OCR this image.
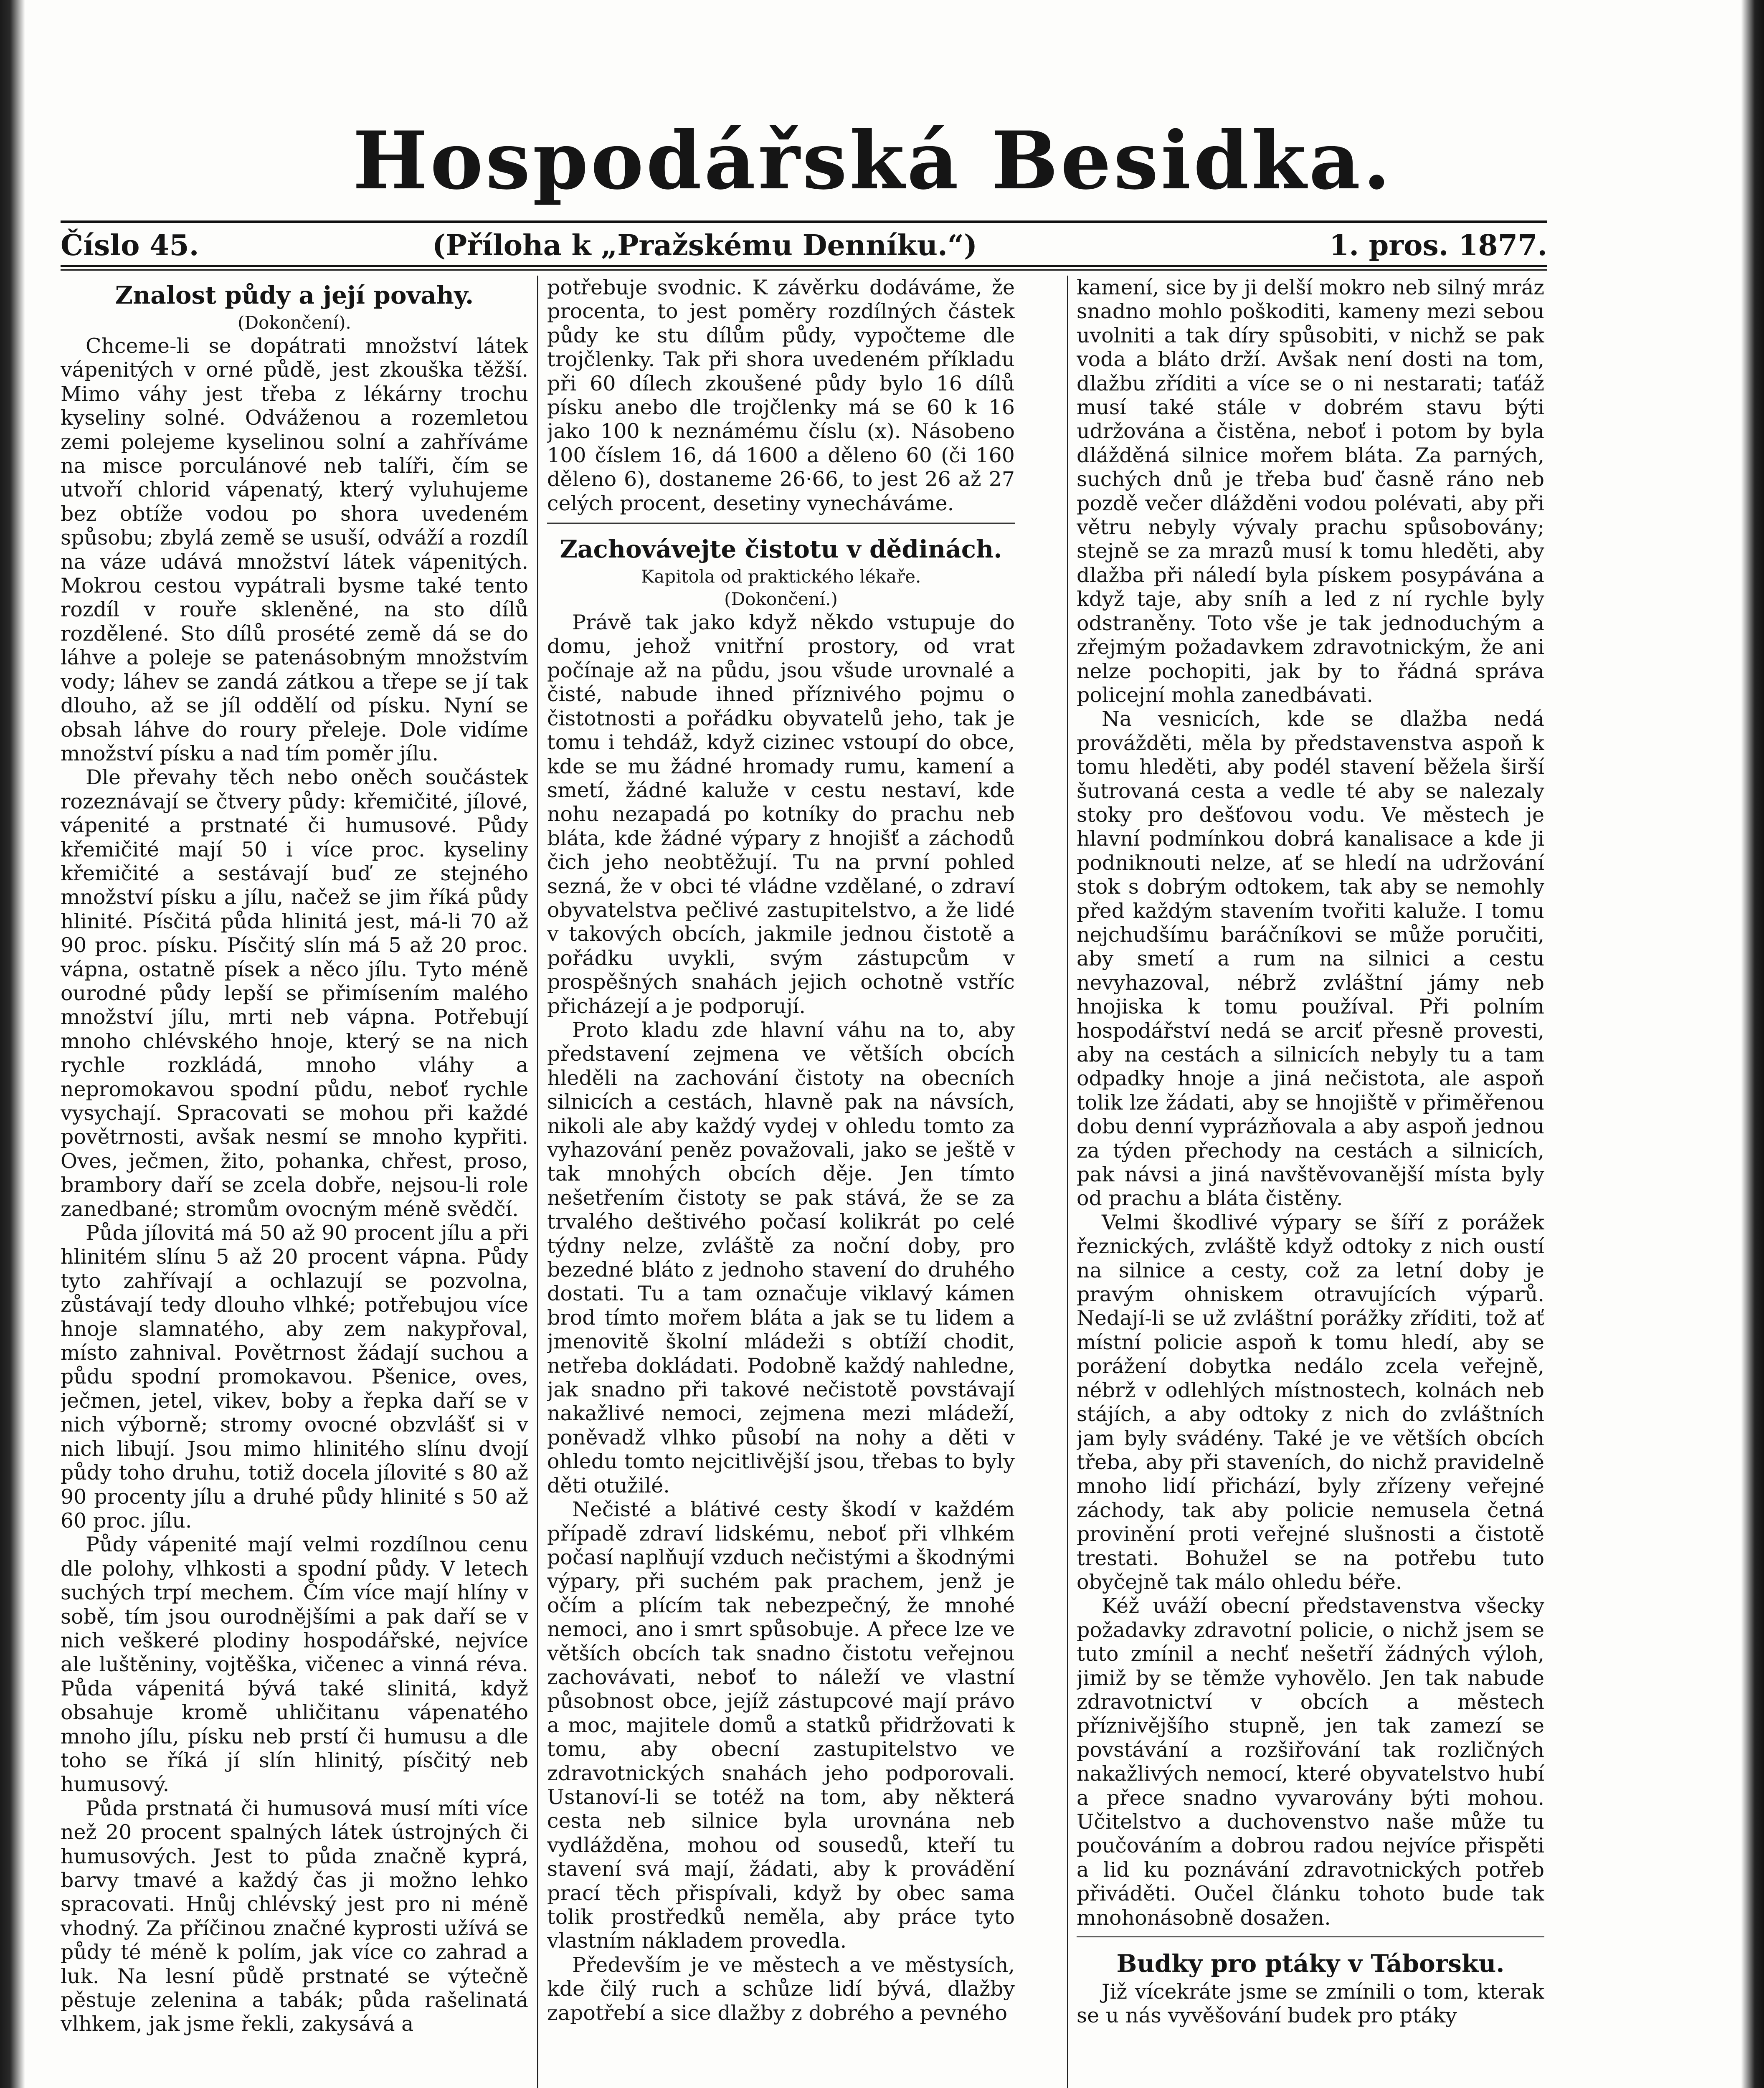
Hospodářská Besidka.
Číslo 45.	(Příloha k „Pražskému Denníku.“)	1. pros. 1877.
Znalost půdy a její povahy.
(Dokončení).

Chceme-li se dopátrati množství látek vápenitých v orné půdě, jest zkouška těžší. Mimo váhy jest třeba z lékárny trochu kyseliny solné. Odváženou a rozemletou zemi polejeme kyselinou solní a zahříváme na misce porculánové neb talíři, čím se utvoří chlorid vápenatý, který vyluhujeme bez obtíže vodou po shora uvedeném spůsobu; zbylá země se usuší, odváží a rozdíl na váze udává množství látek vápenitých. Mokrou cestou vypátrali bysme také tento rozdíl v rouře skleněné, na sto dílů rozdělené. Sto dílů prosété země dá se do láhve a poleje se patenásobným množstvím vody; láhev se zandá zátkou a třepe se jí tak dlouho, až se jíl oddělí od písku. Nyní se obsah láhve do roury přeleje. Dole vidíme množství písku a nad tím poměr jílu.

Dle převahy těch nebo oněch součástek rozeznávají se čtvery půdy: křemičité, jílové, vápenité a prstnaté či humusové. Půdy křemičité mají 50 i více proc. kyseliny křemičité a sestávají buď ze stejného množství písku a jílu, načež se jim říká půdy hlinité. Písčitá půda hlinitá jest, má-li 70 až 90 proc. písku. Písčitý slín má 5 až 20 proc. vápna, ostatně písek a něco jílu. Tyto méně ourodné půdy lepší se přimísením malého množství jílu, mrti neb vápna. Potřebují mnoho chlévského hnoje, který se na nich rychle rozkládá, mnoho vláhy a nepromokavou spodní půdu, neboť rychle vysychají. Spracovati se mohou při každé povětrnosti, avšak nesmí se mnoho kypřiti. Oves, ječmen, žito, pohanka, chřest, proso, brambory daří se zcela dobře, nejsou-li role zanedbané; stromům ovocným méně svědčí.

Půda jílovitá má 50 až 90 procent jílu a při hlinitém slínu 5 až 20 procent vápna. Půdy tyto zahřívají a ochlazují se pozvolna, zůstávají tedy dlouho vlhké; potřebujou více hnoje slamnatého, aby zem nakypřoval, místo zahnival. Povětrnost žádají suchou a půdu spodní promokavou. Pšenice, oves, ječmen, jetel, vikev, boby a řepka daří se v nich výborně; stromy ovocné obzvlášť si v nich libují. Jsou mimo hlinitého slínu dvojí půdy toho druhu, totiž docela jílovité s 80 až 90 procenty jílu a druhé půdy hlinité s 50 až 60 proc. jílu.

Půdy vápenité mají velmi rozdílnou cenu dle polohy, vlhkosti a spodní půdy. V letech suchých trpí mechem. Čím více mají hlíny v sobě, tím jsou ourodnějšími a pak daří se v nich veškeré plodiny hospodářské, nejvíce ale luštěniny, vojtěška, vičenec a vinná réva. Půda vápenitá bývá také slinitá, když obsahuje kromě uhličitanu vápenatého mnoho jílu, písku neb prstí či humusu a dle toho se říká jí slín hlinitý, písčitý neb humusový.

Půda prstnatá či humusová musí míti více než 20 procent spalných látek ústrojných či humusových. Jest to půda značně kyprá, barvy tmavé a každý čas ji možno lehko spracovati. Hnůj chlévský jest pro ni méně vhodný. Za příčinou značné kyprosti užívá se půdy té méně k polím, jak více co zahrad a luk. Na lesní půdě prstnaté se výtečně pěstuje zelenina a tabák; půda rašelinatá vlhkem, jak jsme řekli, zakysává a

potřebuje svodnic. K závěrku dodáváme, že procenta, to jest poměry rozdílných částek půdy ke stu dílům půdy, vypočteme dle trojčlenky. Tak při shora uvedeném příkladu při 60 dílech zkoušené půdy bylo 16 dílů písku anebo dle trojčlenky má se 60 k 16 jako 100 k neznámému číslu (x). Násobeno 100 číslem 16, dá 1600 a děleno 60 (či 160 děleno 6), dostaneme 26·66, to jest 26 až 27 celých procent, desetiny vynecháváme.

Zachovávejte čistotu v dědinách.
Kapitola od praktického lékaře.
(Dokončení.)

Právě tak jako když někdo vstupuje do domu, jehož vnitřní prostory, od vrat počínaje až na půdu, jsou všude urovnalé a čisté, nabude ihned příznivého pojmu o čistotnosti a pořádku obyvatelů jeho, tak je tomu i tehdáž, když cizinec vstoupí do obce, kde se mu žádné hromady rumu, kamení a smetí, žádné kaluže v cestu nestaví, kde nohu nezapadá po kotníky do prachu neb bláta, kde žádné výpary z hnojišť a záchodů čich jeho neobtěžují. Tu na první pohled sezná, že v obci té vládne vzdělané, o zdraví obyvatelstva pečlivé zastupitelstvo, a že lidé v takových obcích, jakmile jednou čistotě a pořádku uvykli, svým zástupcům v prospěšných snahách jejich ochotně vstříc přicházejí a je podporují.

Proto kladu zde hlavní váhu na to, aby představení zejmena ve větších obcích hleděli na zachování čistoty na obecních silnicích a cestách, hlavně pak na návsích, nikoli ale aby každý vydej v ohledu tomto za vyhazování peněz považovali, jako se ještě v tak mnohých obcích děje. Jen tímto nešetřením čistoty se pak stává, že se za trvalého deštivého počasí kolikrát po celé týdny nelze, zvláště za noční doby, pro bezedné bláto z jednoho stavení do druhého dostati. Tu a tam označuje viklavý kámen brod tímto mořem bláta a jak se tu lidem a jmenovitě školní mládeži s obtíží chodit, netřeba dokládati. Podobně každý nahledne, jak snadno při takové nečistotě povstávají nakažlivé nemoci, zejmena mezi mládeží, poněvadž vlhko působí na nohy a děti v ohledu tomto nejcitlivější jsou, třebas to byly děti otužilé.

Nečisté a blátivé cesty škodí v každém případě zdraví lidskému, neboť při vlhkém počasí naplňují vzduch nečistými a škodnými výpary, při suchém pak prachem, jenž je očím a plícím tak nebezpečný, že mnohé nemoci, ano i smrt spůsobuje. A přece lze ve větších obcích tak snadno čistotu veřejnou zachovávati, neboť to náleží ve vlastní působnost obce, jejíž zástupcové mají právo a moc, majitele domů a statků přidržovati k tomu, aby obecní zastupitelstvo ve zdravotnických snahách jeho podporovali. Ustanoví-li se totéž na tom, aby některá cesta neb silnice byla urovnána neb vydlážděna, mohou od sousedů, kteří tu stavení svá mají, žádati, aby k provádění prací těch přispívali, když by obec sama tolik prostředků neměla, aby práce tyto vlastním nákladem provedla.

Především je ve městech a ve městysích, kde čilý ruch a schůze lidí bývá, dlažby zapotřebí a sice dlažby z dobrého a pevného

kamení, sice by ji delší mokro neb silný mráz snadno mohlo poškoditi, kameny mezi sebou uvolniti a tak díry spůsobiti, v nichž se pak voda a bláto drží. Avšak není dosti na tom, dlažbu zříditi a více se o ni nestarati; taťáž musí také stále v dobrém stavu býti udržována a čistěna, neboť i potom by byla dlážděná silnice mořem bláta. Za parných, suchých dnů je třeba buď časně ráno neb pozdě večer dlážděni vodou polévati, aby při větru nebyly vývaly prachu spůsobovány; stejně se za mrazů musí k tomu hleděti, aby dlažba při náledí byla pískem posypávána a když taje, aby sníh a led z ní rychle byly odstraněny. Toto vše je tak jednoduchým a zřejmým požadavkem zdravotnickým, že ani nelze pochopiti, jak by to řádná správa policejní mohla zanedbávati.

Na vesnicích, kde se dlažba nedá provážděti, měla by představenstva aspoň k tomu hleděti, aby podél stavení běžela širší šutrovaná cesta a vedle té aby se nalezaly stoky pro dešťovou vodu. Ve městech je hlavní podmínkou dobrá kanalisace a kde ji podniknouti nelze, ať se hledí na udržování stok s dobrým odtokem, tak aby se nemohly před každým stavením tvořiti kaluže. I tomu nejchudšímu baráčníkovi se může poručiti, aby smetí a rum na silnici a cestu nevyhazoval, nébrž zvláštní jámy neb hnojiska k tomu používal. Při polním hospodářství nedá se arciť přesně provesti, aby na cestách a silnicích nebyly tu a tam odpadky hnoje a jiná nečistota, ale aspoň tolik lze žádati, aby se hnojiště v přiměřenou dobu denní vyprázňovala a aby aspoň jednou za týden přechody na cestách a silnicích, pak návsi a jiná navštěvovanější místa byly od prachu a bláta čistěny.

Velmi škodlivé výpary se šíří z porážek řeznických, zvláště když odtoky z nich oustí na silnice a cesty, což za letní doby je pravým ohniskem otravujících výparů. Nedají-li se už zvláštní porážky zříditi, tož ať místní policie aspoň k tomu hledí, aby se porážení dobytka nedálo zcela veřejně, nébrž v odlehlých místnostech, kolnách neb stájích, a aby odtoky z nich do zvláštních jam byly svádény. Také je ve větších obcích třeba, aby při staveních, do nichž pravidelně mnoho lidí přichází, byly zřízeny veřejné záchody, tak aby policie nemusela četná provinění proti veřejné slušnosti a čistotě trestati. Bohužel se na potřebu tuto obyčejně tak málo ohledu béře.

Kéž uváží obecní představenstva všecky požadavky zdravotní policie, o nichž jsem se tuto zmínil a nechť nešetří žádných výloh, jimiž by se těmže vyhovělo. Jen tak nabude zdravotnictví v obcích a městech příznivějšího stupně, jen tak zamezí se povstávání a rozšiřování tak rozličných nakažlivých nemocí, které obyvatelstvo hubí a přece snadno vyvarovány býti mohou. Učitelstvo a duchovenstvo naše může tu poučováním a dobrou radou nejvíce přispěti a lid ku poznávání zdravotnických potřeb přiváděti. Oučel článku tohoto bude tak mnohonásobně dosažen.

Budky pro ptáky v Táborsku.

Již vícekráte jsme se zmínili o tom, kterak se u nás vyvěšování budek pro ptáky
